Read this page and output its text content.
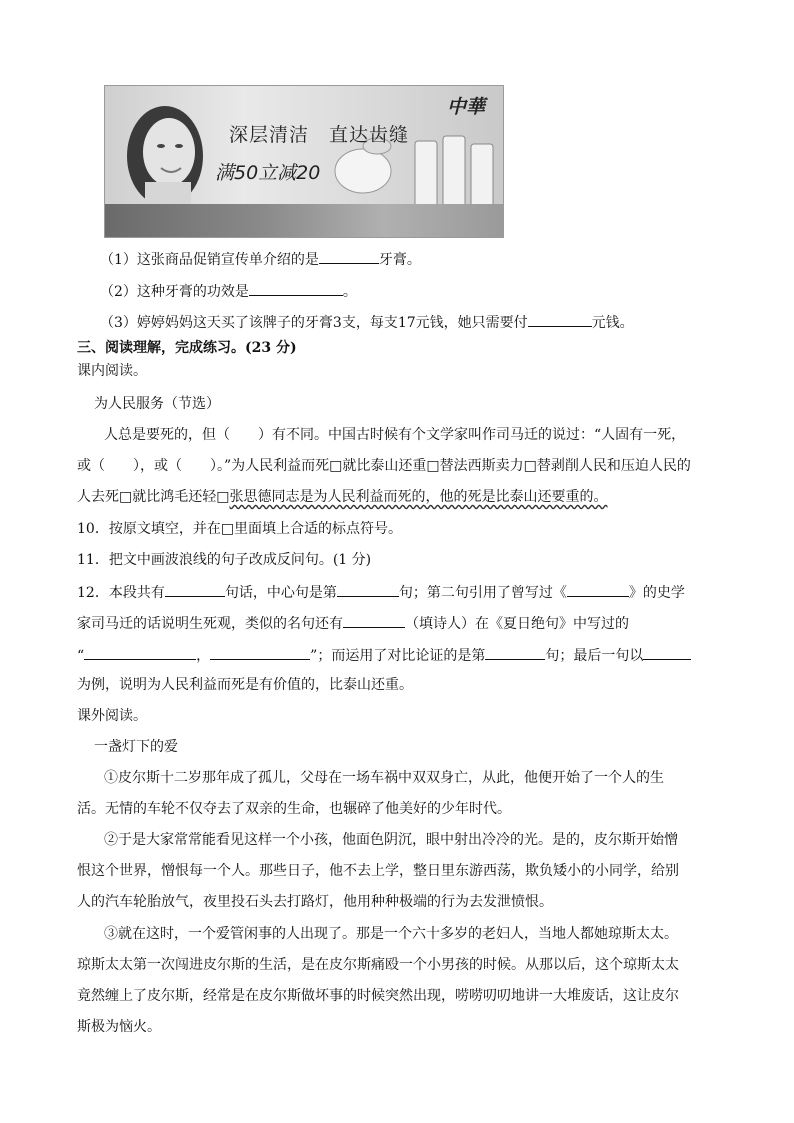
中華
深层清洁　直达齿缝
满50立减20
（1）这张商品促销宣传单介绍的是	牙膏。
（2）这种牙膏的功效是	。
（3）婷婷妈妈这天买了该牌子的牙膏3支，每支17元钱，她只需要付	元钱。
三、阅读理解，完成练习。(23 分)
课内阅读。
为人民服务（节选）
人总是要死的，但（　　）有不同。中国古时候有个文学家叫作司马迁的说过：“人固有一死，
或（　　），或（　　）。”为人民利益而死□就比泰山还重□替法西斯卖力□替剥削人民和压迫人民的
人去死□就比鸿毛还轻□张思德同志是为人民利益而死的，他的死是比泰山还要重的。
10．按原文填空，并在□里面填上合适的标点符号。
11．把文中画波浪线的句子改成反问句。(1 分)
12．本段共有	句话，中心句是第	句；第二句引用了曾写过《	》的史学
家司马迁的话说明生死观，类似的名句还有	（填诗人）在《夏日绝句》中写过的
“	，	”；而运用了对比论证的是第	句；最后一句以
为例，说明为人民利益而死是有价值的，比泰山还重。
课外阅读。
一盏灯下的爱
①皮尔斯十二岁那年成了孤儿，父母在一场车祸中双双身亡，从此，他便开始了一个人的生
活。无情的车轮不仅夺去了双亲的生命，也辗碎了他美好的少年时代。
②于是大家常常能看见这样一个小孩，他面色阴沉，眼中射出冷冷的光。是的，皮尔斯开始憎
恨这个世界，憎恨每一个人。那些日子，他不去上学，整日里东游西荡，欺负矮小的小同学，给别
人的汽车轮胎放气，夜里投石头去打路灯，他用种种极端的行为去发泄愤恨。
③就在这时，一个爱管闲事的人出现了。那是一个六十多岁的老妇人，当地人都她琼斯太太。
琼斯太太第一次闯进皮尔斯的生活，是在皮尔斯痛殴一个小男孩的时候。从那以后，这个琼斯太太
竟然缠上了皮尔斯，经常是在皮尔斯做坏事的时候突然出现，唠唠叨叨地讲一大堆废话，这让皮尔
斯极为恼火。
